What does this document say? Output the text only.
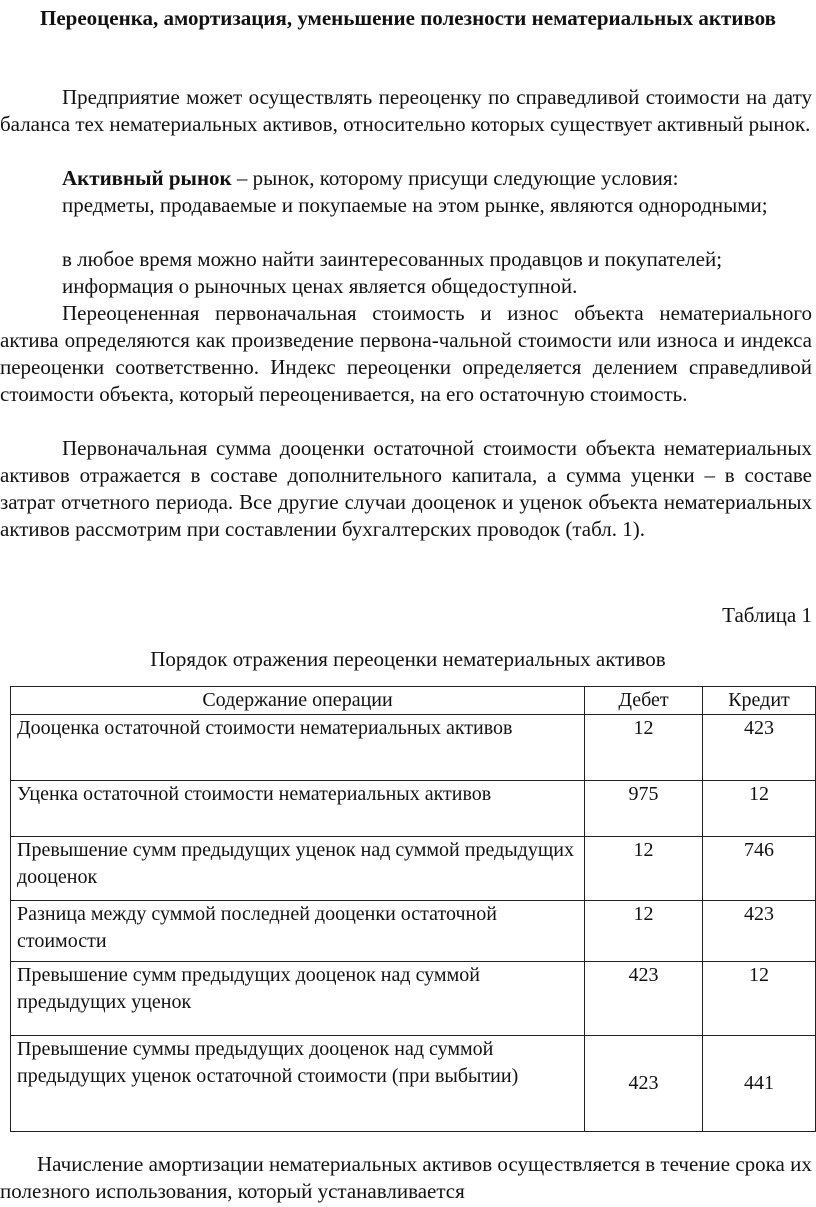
Переоценка, амортизация, уменьшение полезности нематериальных активов

Предприятие может осуществлять переоценку по справедливой стоимости на дату баланса тех нематериальных активов, относительно которых существует активный рынок.

Активный рынок – рынок, которому присущи следующие условия:

предметы, продаваемые и покупаемые на этом рынке, являются однородными;

в любое время можно найти заинтересованных продавцов и покупателей;

информация о рыночных ценах является общедоступной.

Переоцененная первоначальная стоимость и износ объекта нематериального актива определяются как произведение первона-чальной стоимости или износа и индекса переоценки соответственно. Индекс переоценки определяется делением справедливой стоимости объекта, который переоценивается, на его остаточную стоимость.

Первоначальная сумма дооценки остаточной стоимости объекта нематериальных активов отражается в составе дополнительного капитала, а сумма уценки – в составе затрат отчетного периода. Все другие случаи дооценок и уценок объекта нематериальных активов рассмотрим при составлении бухгалтерских проводок (табл. 1).

Таблица 1
Порядок отражения переоценки нематериальных активов
Содержание операции	Дебет	Кредит
Дооценка остаточной стоимости нематериальных активов	12	423
Уценка остаточной стоимости нематериальных активов	975	12
Превышение сумм предыдущих уценок над суммой предыдущих дооценок	12	746
Разница между суммой последней дооценки остаточной стоимости	12	423
Превышение сумм предыдущих дооценок над суммой предыдущих уценок	423	12
Превышение суммы предыдущих дооценок над суммой предыдущих уценок остаточной стоимости (при выбытии)	423	441

Начисление амортизации нематериальных активов осуществляется в течение срока их полезного использования, который устанавливается
